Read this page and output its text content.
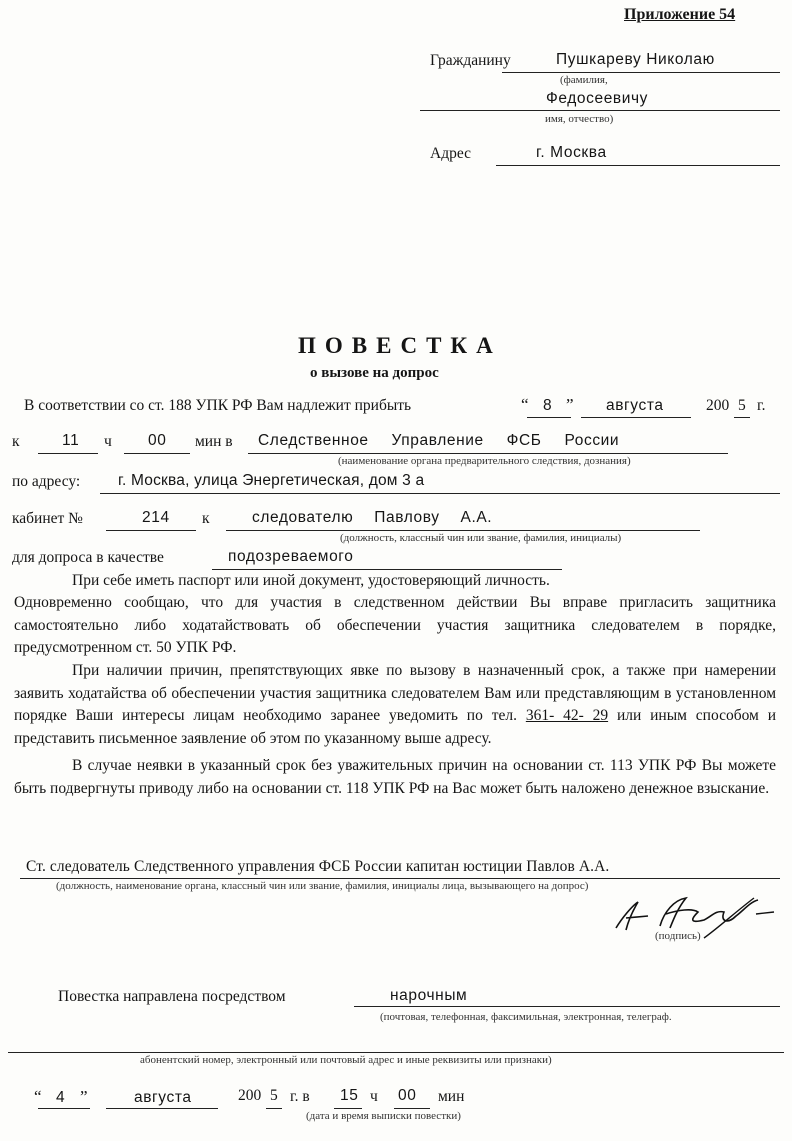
Приложение 54
Гражданину	Пушкареву Николаю
(фамилия,
Федосеевичу
имя, отчество)
Адрес	г. Москва
ПОВЕСТКА
о вызове на допрос
В соответствии со ст. 188 УПК РФ Вам надлежит прибыть	“ 8 ” августа	200 5 г.
к	11 ч 00 мин в Следственное Управление ФСБ России
(наименование органа предварительного следствия, дознания)
по адресу: г. Москва, улица Энергетическая, дом 3 а
кабинет №	214 к	следователю Павлову А.А.
(должность, классный чин или звание, фамилия, инициалы)
для допроса в качестве	подозреваемого
При себе иметь паспорт или иной документ, удостоверяющий личность.
Одновременно сообщаю, что для участия в следственном действии Вы вправе пригласить защитника самостоятельно либо ходатайствовать об обеспечении участия защитника следователем в порядке, предусмотренном ст. 50 УПК РФ.
При наличии причин, препятствующих явке по вызову в назначенный срок, а также при намерении заявить ходатайства об обеспечении участия защитника следователем Вам или представляющим в установленном порядке Ваши интересы лицам необходимо заранее уведомить по тел. 361- 42- 29 или иным способом и представить письменное заявление об этом по указанному выше адресу.
В случае неявки в указанный срок без уважительных причин на основании ст. 113 УПК РФ Вы можете быть подвергнуты приводу либо на основании ст. 118 УПК РФ на Вас может быть наложено денежное взыскание.
Ст. следователь Следственного управления ФСБ России капитан юстиции Павлов А.А.
(должность, наименование органа, классный чин или звание, фамилия, инициалы лица, вызывающего на допрос)
(подпись)
Повестка направлена посредством	нарочным
(почтовая, телефонная, факсимильная, электронная, телеграф.
абонентский номер, электронный или почтовый адрес и иные реквизиты или признаки)
“ 4 ”	августа	200 5 г. в 15 ч 00 мин
(дата и время выписки повестки)
